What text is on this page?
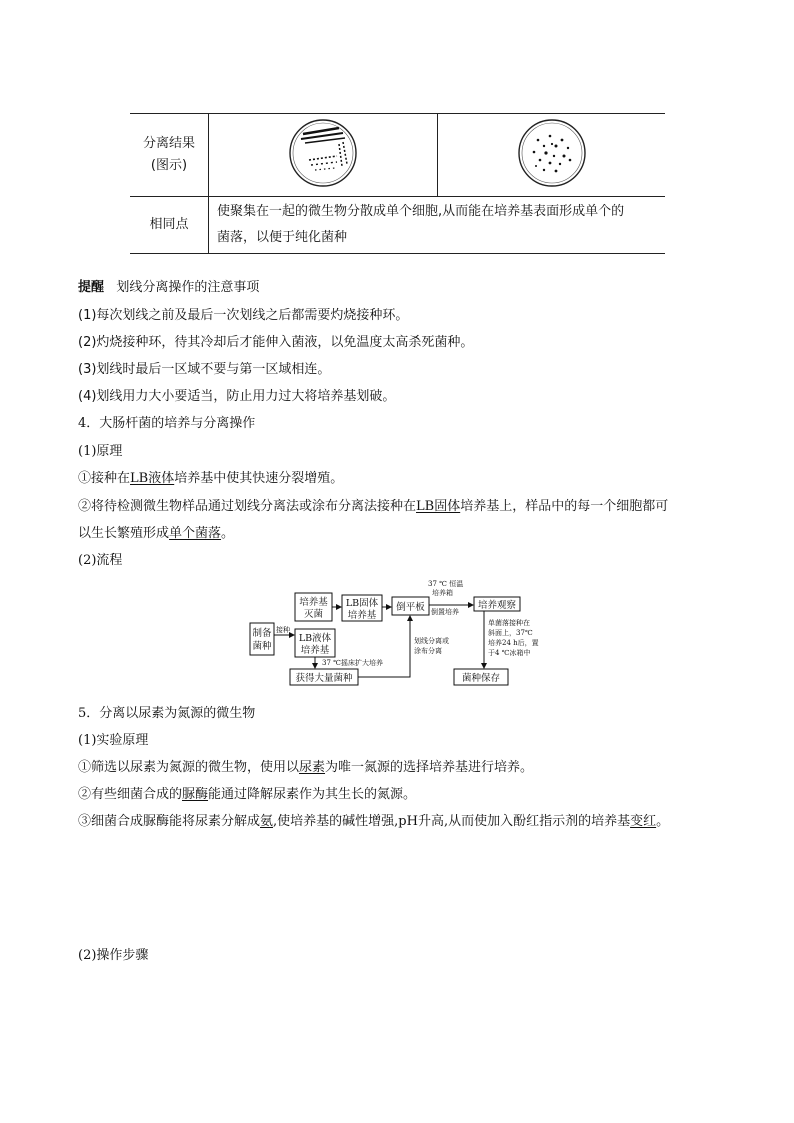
分离结果
(图示)

相同点	使聚集在一起的微生物分散成单个细胞,从而能在培养基表面形成单个的
菌落，以便于纯化菌种	
提醒 划线分离操作的注意事项
(1)每次划线之前及最后一次划线之后都需要灼烧接种环。
(2)灼烧接种环，待其冷却后才能伸入菌液，以免温度太高杀死菌种。
(3)划线时最后一区域不要与第一区域相连。
(4)划线用力大小要适当，防止用力过大将培养基划破。
4．大肠杆菌的培养与分离操作
(1)原理
①接种在LB液体培养基中使其快速分裂增殖。
②将待检测微生物样品通过划线分离法或涂布分离法接种在LB固体培养基上，样品中的每一个细胞都可
以生长繁殖形成单个菌落。
(2)流程
培养基
灭菌
LB固体
培养基
倒平板	培养观察
制备
菌种
LB液体
培养基
获得大量菌种	菌种保存
接种
37 ℃ 恒温
培养箱
倒置培养
37 ℃摇床扩大培养
划线分离或
涂布分离
单菌落接种在
斜面上，37℃
培养24 h后，置
于4 ℃冰箱中
5．分离以尿素为氮源的微生物
(1)实验原理
①筛选以尿素为氮源的微生物，使用以尿素为唯一氮源的选择培养基进行培养。
②有些细菌合成的脲酶能通过降解尿素作为其生长的氮源。
③细菌合成脲酶能将尿素分解成氨,使培养基的碱性增强,pH升高,从而使加入酚红指示剂的培养基变红。
(2)操作步骤
